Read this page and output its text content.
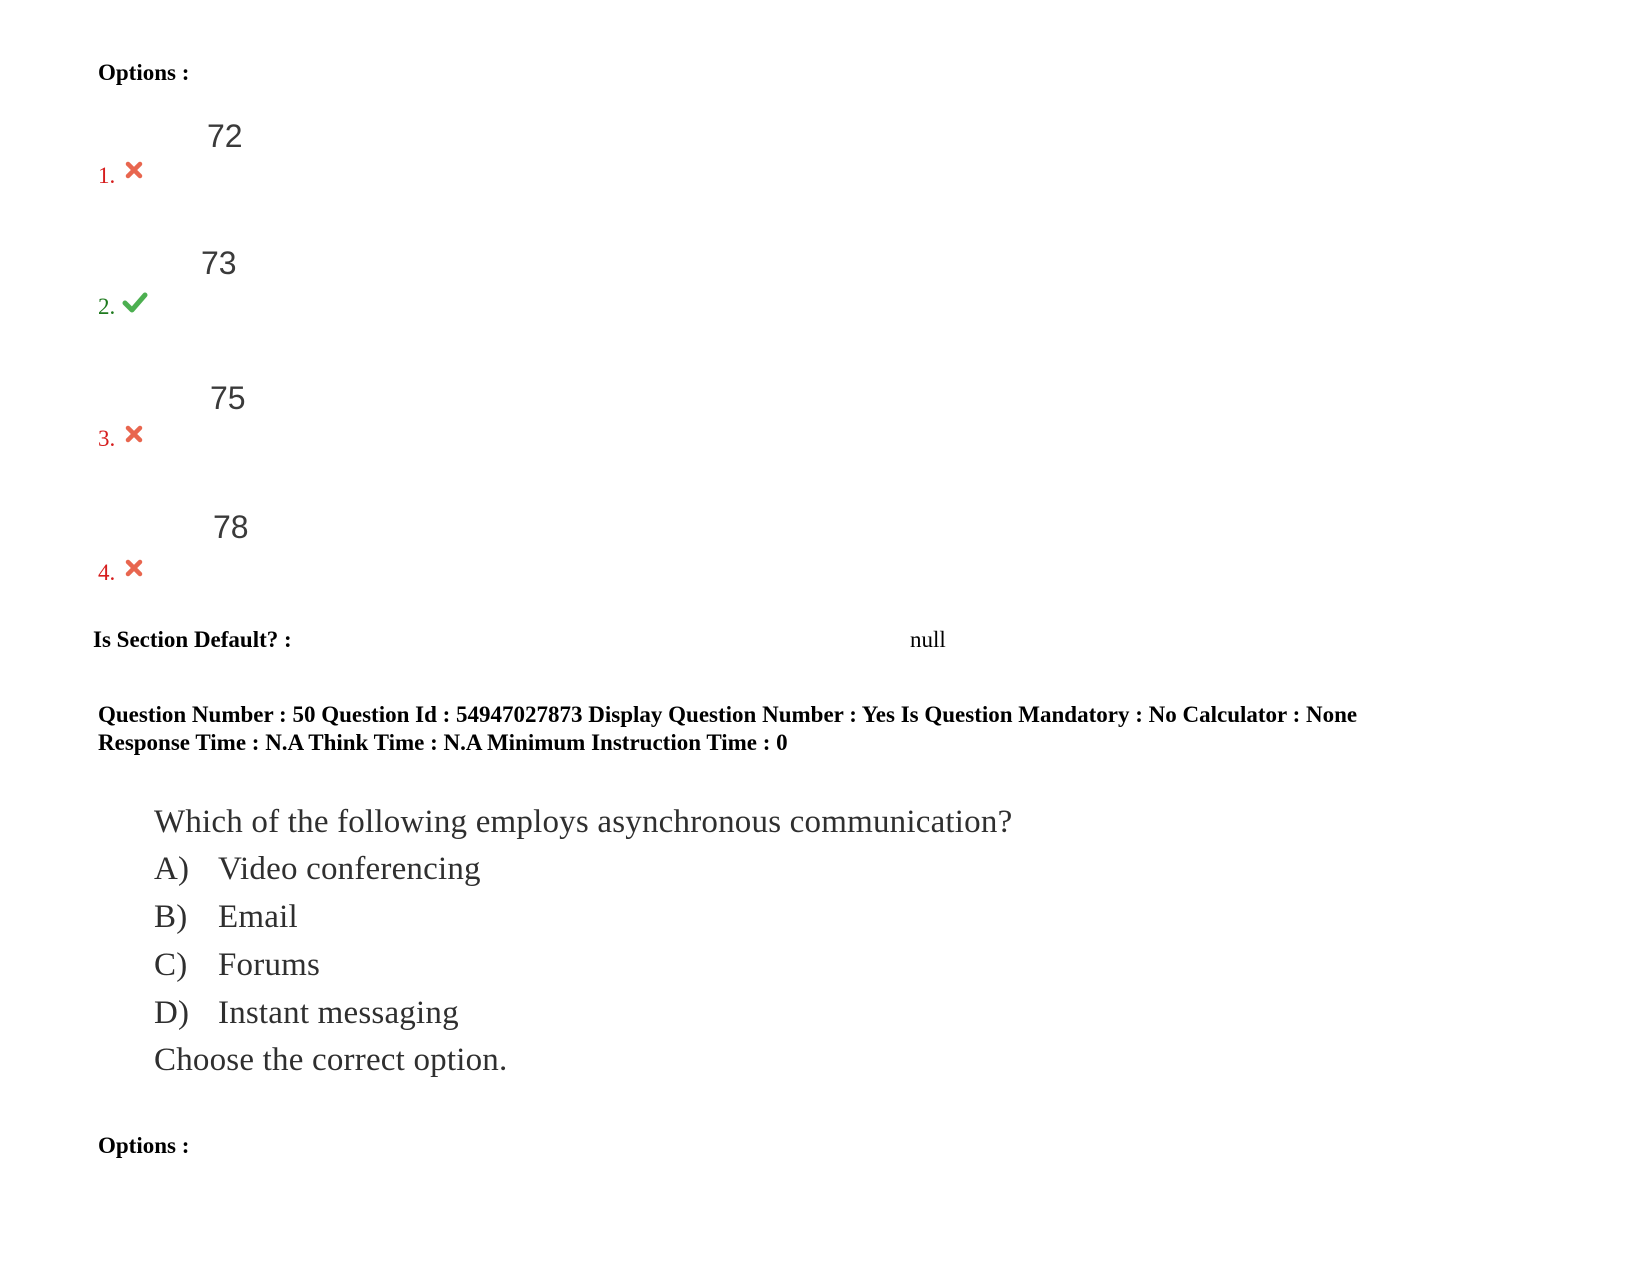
Options :
72
1.
73
2.
75
3.
78
4.
Is Section Default? :	null
Question Number : 50 Question Id : 54947027873 Display Question Number : Yes Is Question Mandatory : No Calculator : None
Response Time : N.A Think Time : N.A Minimum Instruction Time : 0
Which of the following employs asynchronous communication?
A) Video conferencing
B) Email
C) Forums
D) Instant messaging
Choose the correct option.
Options :
